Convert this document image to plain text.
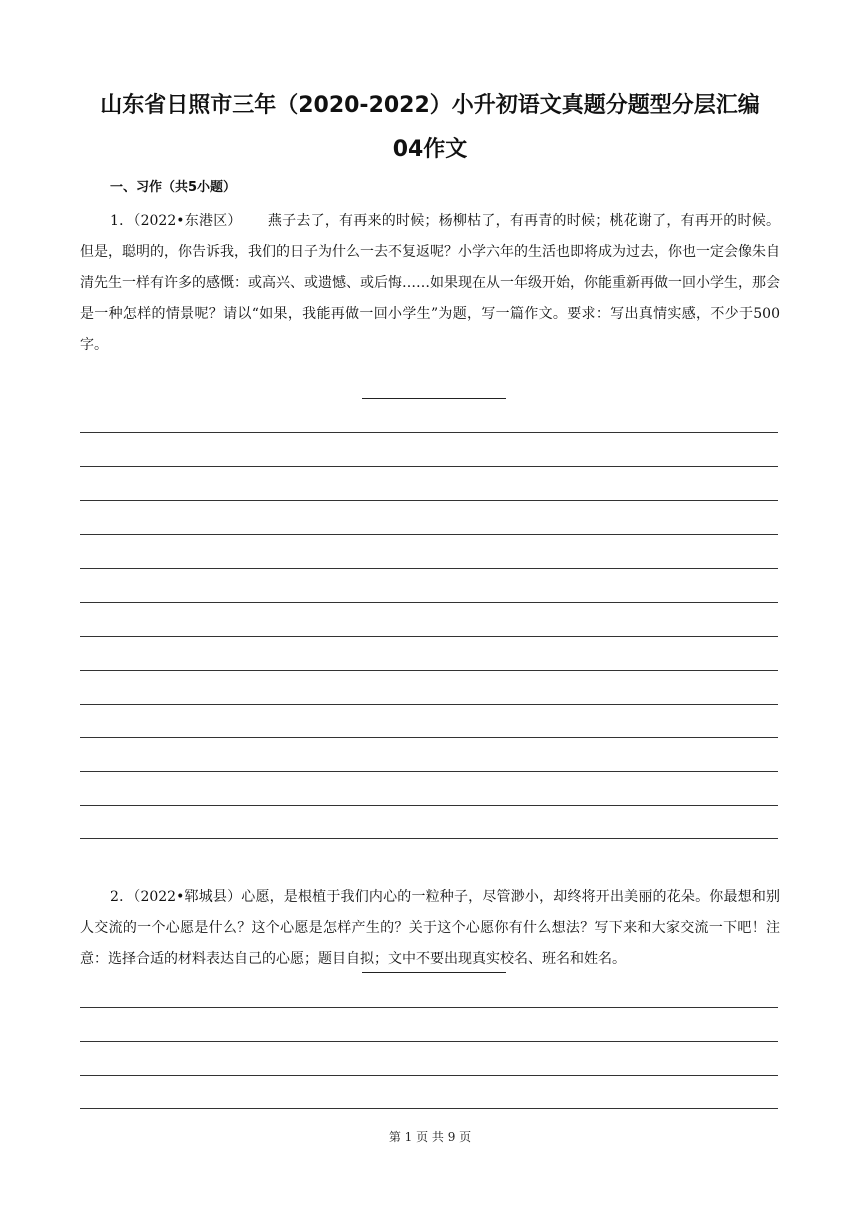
山东省日照市三年（2020-2022）小升初语文真题分题型分层汇编
04作文

一、习作（共5小题）

1．（2022•东港区） 燕子去了，有再来的时候；杨柳枯了，有再青的时候；桃花谢了，有再开的时候。但是，聪明的，你告诉我，我们的日子为什么一去不复返呢？小学六年的生活也即将成为过去，你也一定会像朱自清先生一样有许多的感慨：或高兴、或遗憾、或后悔……如果现在从一年级开始，你能重新再做一回小学生，那会是一种怎样的情景呢？请以“如果，我能再做一回小学生”为题，写一篇作文。要求：写出真情实感，不少于500字。

2．（2022•郓城县）心愿，是根植于我们内心的一粒种子，尽管渺小，却终将开出美丽的花朵。你最想和别人交流的一个心愿是什么？这个心愿是怎样产生的？关于这个心愿你有什么想法？写下来和大家交流一下吧！注意：选择合适的材料表达自己的心愿；题目自拟；文中不要出现真实校名、班名和姓名。

第 1 页 共 9 页
